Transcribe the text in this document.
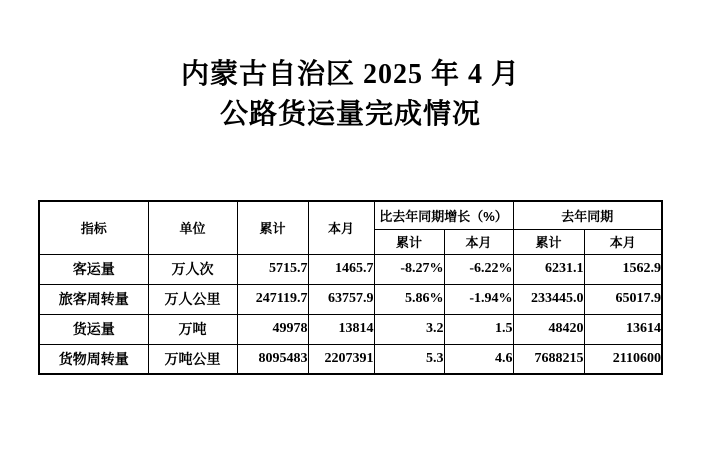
内蒙古自治区 2025 年 4 月
公路货运量完成情况
指标	单位	累计	本月	比去年同期增长（%）		去年同期	
				累计	本月	累计	本月
客运量	万人次	5715.7	1465.7	-8.27%	-6.22%	6231.1	1562.9
旅客周转量	万人公里	247119.7	63757.9	5.86%	-1.94%	233445.0	65017.9
货运量	万吨	49978	13814	3.2	1.5	48420	13614
货物周转量	万吨公里	8095483	2207391	5.3	4.6	7688215	2110600
